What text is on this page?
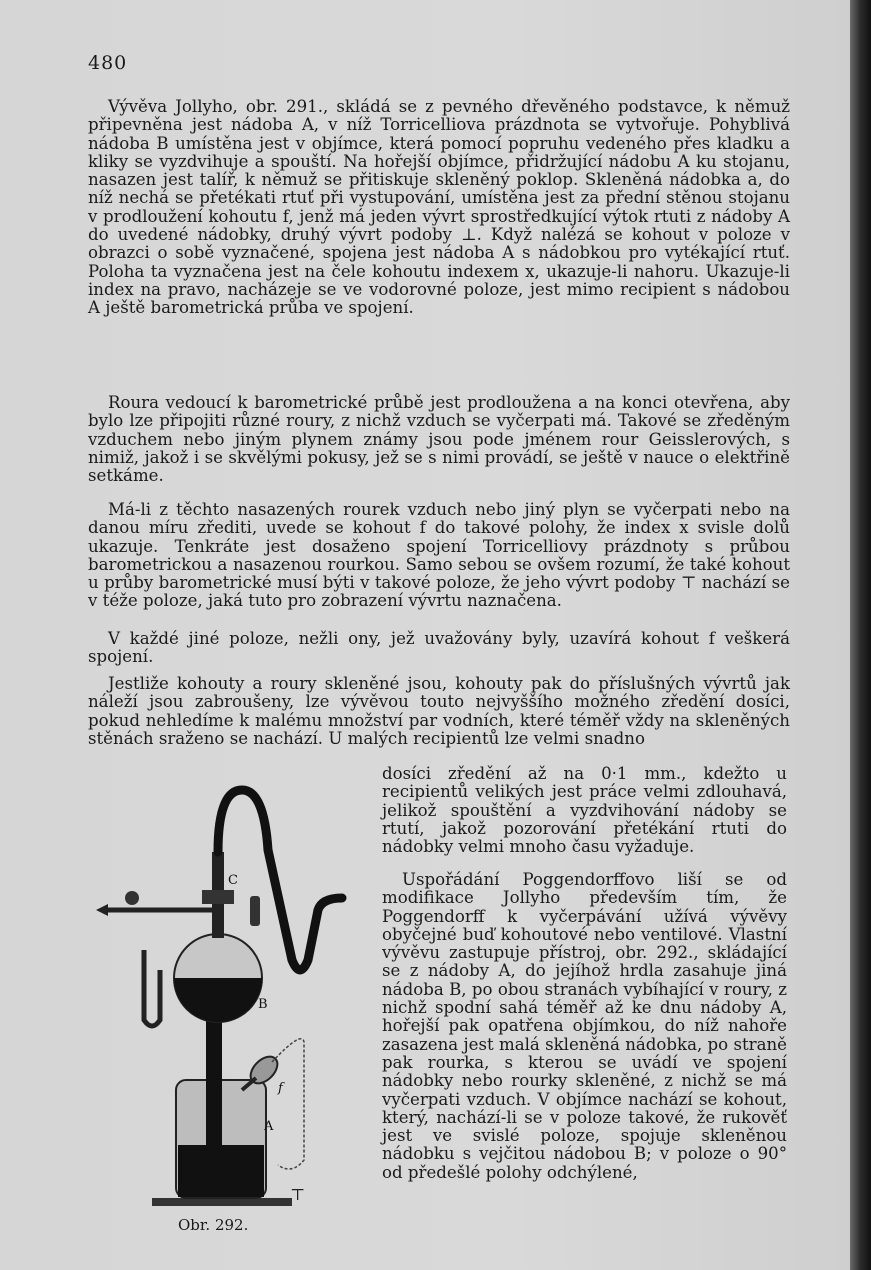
480

Vývěva Jollyho, obr. 291., skládá se z pevného dřevěného podstavce, k němuž připevněna jest nádoba A, v níž Torricelliova prázdnota se vytvořuje. Pohyblivá nádoba B umístěna jest v objímce, která pomocí popruhu vedeného přes kladku a kliky se vyzdvihuje a spouští. Na hořejší objímce, přidržující nádobu A ku stojanu, nasazen jest talíř, k němuž se přitiskuje skleněný poklop. Skleněná nádobka a, do níž nechá se přetékati rtuť při vystupování, umístěna jest za přední stěnou stojanu v prodloužení kohoutu f, jenž má jeden vývrt sprostředkující výtok rtuti z nádoby A do uvedené nádobky, druhý vývrt podoby ⊥. Když nalézá se kohout v poloze v obrazci o sobě vyznačené, spojena jest nádoba A s nádobkou pro vytékající rtuť. Poloha ta vyznačena jest na čele kohoutu indexem x, ukazuje-li nahoru. Ukazuje-li index na pravo, nacházeje se ve vodorovné poloze, jest mimo recipient s nádobou A ještě barometrická průba ve spojení.

Roura vedoucí k barometrické průbě jest prodloužena a na konci otevřena, aby bylo lze připojiti různé roury, z nichž vzduch se vyčerpati má. Takové se zředěným vzduchem nebo jiným plynem známy jsou pode jménem rour Geisslerových, s nimiž, jakož i se skvělými pokusy, jež se s nimi provádí, se ještě v nauce o elektřině setkáme.

Má-li z těchto nasazených rourek vzduch nebo jiný plyn se vyčerpati nebo na danou míru zřediti, uvede se kohout f do takové polohy, že index x svisle dolů ukazuje. Tenkráte jest dosaženo spojení Torricelliovy prázdnoty s průbou barometrickou a nasazenou rourkou. Samo sebou se ovšem rozumí, že také kohout u průby barometrické musí býti v takové poloze, že jeho vývrt podoby ⊤ nachází se v téže poloze, jaká tuto pro zobrazení vývrtu naznačena.

V každé jiné poloze, nežli ony, jež uvažovány byly, uzavírá kohout f veškerá spojení.

Jestliže kohouty a roury skleněné jsou, kohouty pak do příslušných vývrtů jak náleží jsou zabroušeny, lze vývěvou touto nejvyššího možného zředění dosíci, pokud nehledíme k malému množství par vodních, které téměř vždy na skleněných stěnách sraženo se nachází. U malých recipientů lze velmi snadno

dosíci zředění až na 0·1 mm., kdežto u recipientů velikých jest práce velmi zdlouhavá, jelikož spouštění a vyzdvihování nádoby se rtutí, jakož pozorování přetékání rtuti do nádobky velmi mnoho času vyžaduje.

Uspořádání Poggendorffovo liší se od modifikace Jollyho především tím, že Poggendorff k vyčerpávání užívá vývěvy obyčejné buď kohoutové nebo ventilové. Vlastní vývěvu zastupuje přístroj, obr. 292., skládající se z nádoby A, do jejíhož hrdla zasahuje jiná nádoba B, po obou stranách vybíhající v roury, z nichž spodní sahá téměř až ke dnu nádoby A, hořejší pak opatřena objímkou, do níž nahoře zasazena jest malá skleněná nádobka, po straně pak rourka, s kterou se uvádí ve spojení nádobky nebo rourky skleněné, z nichž se má vyčerpati vzduch. V objímce nachází se kohout, který, nachází-li se v poloze takové, že rukověť jest ve svislé poloze, spojuje skleněnou nádobku s vejčitou nádobou B; v poloze o 90° od předešlé polohy odchýlené,

⊤
C
B
f
A
Obr. 292.
